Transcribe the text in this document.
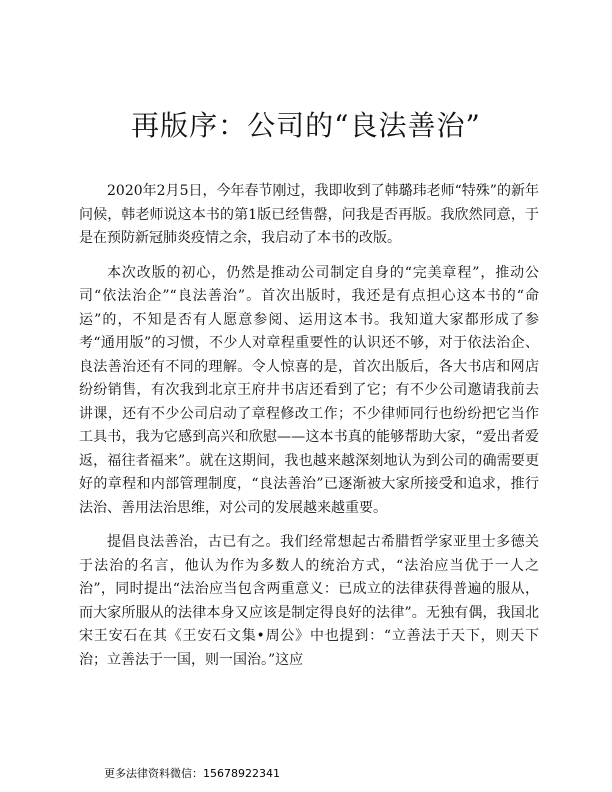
再版序：公司的“良法善治”

2020年2月5日，今年春节刚过，我即收到了韩璐玮老师“特殊”的新年问候，韩老师说这本书的第1版已经售罄，问我是否再版。我欣然同意，于是在预防新冠肺炎疫情之余，我启动了本书的改版。

本次改版的初心，仍然是推动公司制定自身的“完美章程”，推动公司“依法治企”“良法善治”。首次出版时，我还是有点担心这本书的“命运”的，不知是否有人愿意参阅、运用这本书。我知道大家都形成了参考“通用版”的习惯，不少人对章程重要性的认识还不够，对于依法治企、良法善治还有不同的理解。令人惊喜的是，首次出版后，各大书店和网店纷纷销售，有次我到北京王府井书店还看到了它；有不少公司邀请我前去讲课，还有不少公司启动了章程修改工作；不少律师同行也纷纷把它当作工具书，我为它感到高兴和欣慰——这本书真的能够帮助大家，“爱出者爱返，福往者福来”。就在这期间，我也越来越深刻地认为到公司的确需要更好的章程和内部管理制度，“良法善治”已逐渐被大家所接受和追求，推行法治、善用法治思维，对公司的发展越来越重要。

提倡良法善治，古已有之。我们经常想起古希腊哲学家亚里士多德关于法治的名言，他认为作为多数人的统治方式，“法治应当优于一人之治”，同时提出“法治应当包含两重意义：已成立的法律获得普遍的服从，而大家所服从的法律本身又应该是制定得良好的法律”。无独有偶，我国北宋王安石在其《王安石文集•周公》中也提到：“立善法于天下，则天下治；立善法于一国，则一国治。”这应

更多法律资料微信：15678922341
